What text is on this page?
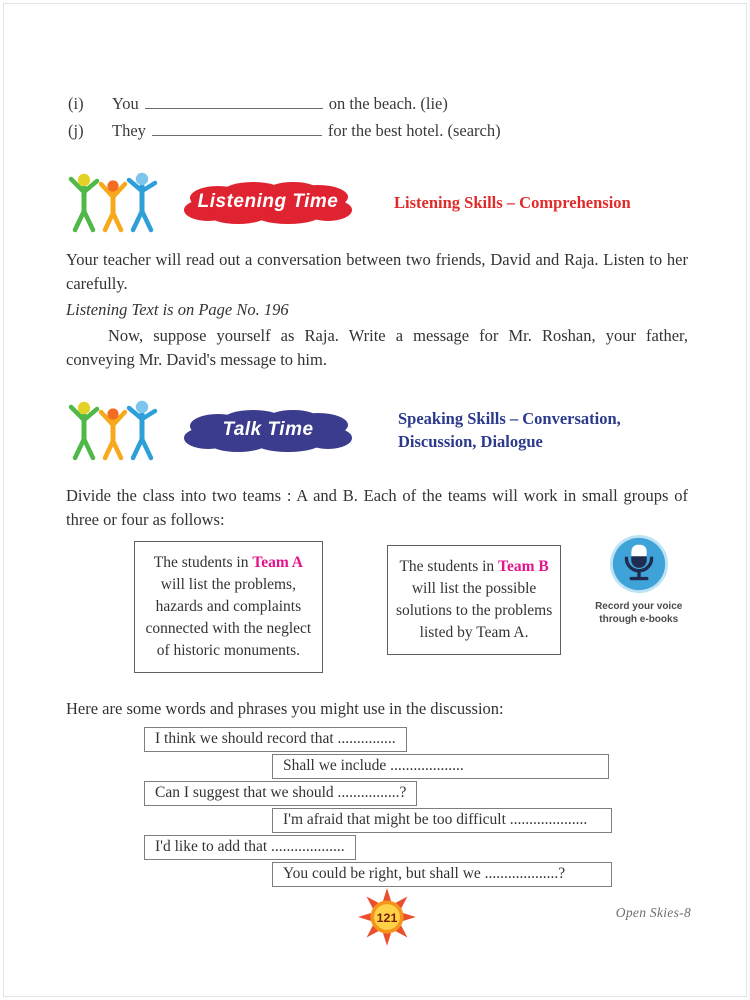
(i)	You	on the beach. (lie)
(j)	They	for the best hotel. (search)
Listening Time	Listening Skills – Comprehension

Your teacher will read out a conversation between two friends, David and Raja. Listen to her carefully.

Listening Text is on Page No. 196

Now, suppose yourself as Raja. Write a message for Mr. Roshan, your father, conveying Mr. David's message to him.

Talk Time	Speaking Skills – Conversation,
Discussion, Dialogue

Divide the class into two teams : A and B. Each of the teams will work in small groups of three or four as follows:

The students in Team A will list the problems, hazards and complaints connected with the neglect of historic monuments.
The students in Team B will list the possible solutions to the problems listed by Team A.
Record your voice
through e-books

Here are some words and phrases you might use in the discussion:

I think we should record that ...............
Shall we include ...................
Can I suggest that we should ................?
I'm afraid that might be too difficult ....................
I'd like to add that ...................
You could be right, but shall we ...................?
121	Open Skies-8
